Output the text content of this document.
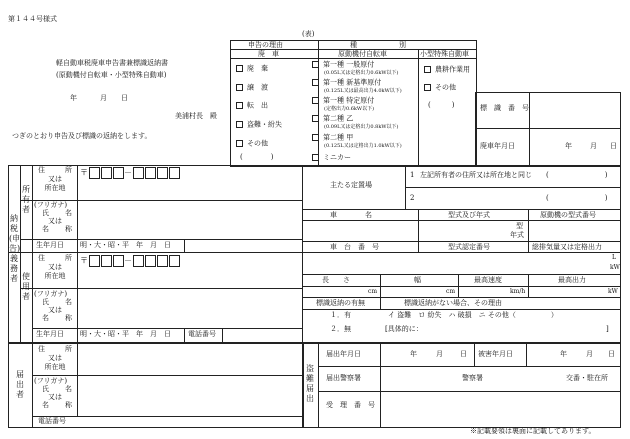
第１４４号様式
(表)
軽自動車税廃車申告書兼標識返納書
(原動機付自転車・小型特殊自動車)
年	月 日
美浦村長　殿
つぎのとおり申告及び標識の返納をします。
申告の理由	種　　　　　　別
廃　車	原動機付自転車	小型特殊自動車
廃　棄
譲　渡
転　出
盗難・紛失
その他
(　　　　)
第一種 一般原付
(0.05L又は定格出力0.6kW以下)
第一種 新基準原付
(0.125L又は最高出力4.0kW以下)
第一種 特定原付
(定格出力0.6kW以下)
第二種 乙
(0.09L又は定格出力0.8kW以下)
第二種 甲
(0.125L又は定格出力1.0kW以下)
ミニカー
農耕作業用
その他
(　　　)	標　識　番　号
廃車年月日	年	月 日
納税(申告)義務者
所有者
使用者
住	所
又は
所在地
〒	－
(フリガナ)
氏 名
又は
名 称
生年月日 明・大・昭・平　年　月　日
住	所
又は
所在地
〒	－
(フリガナ)
氏 名
又は
名 称
生年月日 明・大・昭・平　年　月　日 電話番号
主たる定置場
1 左記所有者の住所又は所在地と同じ (　　　　　　　　)
2	(　　　　　　　　)
車　　　　名	型式及び年式	原動機の型式番号
型
年式
車　台　番　号	型式認定番号	総排気量又は定格出力
L
kW
長　　さ	幅	最高速度	最高出力
cm	cm	km/h	kW
標識返納の有無	標識返納がない場合、その理由
１．有
２．無
イ 盗難　ロ 紛失　ハ 破損　ニ その他（　　　　　）
[具体的に：	]
届出者
住	所
又は
所在地
(フリガナ)
氏 名
又は
名 称
電話番号
盗難届出
届出年月日	年	月 日 被害年月日	年	月 日
届出警察署	警察署	交番・駐在所
受　理　番　号
※記載要領は裏面に記載してあります。
